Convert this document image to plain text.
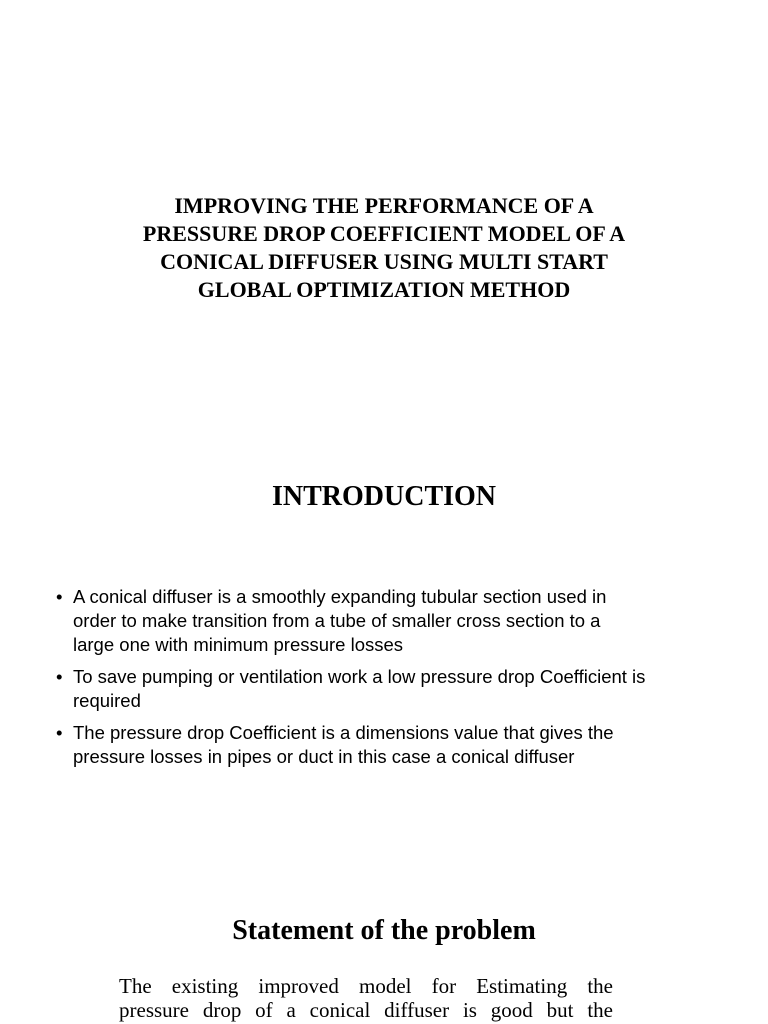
IMPROVING THE PERFORMANCE OF A
PRESSURE DROP COEFFICIENT MODEL OF A
CONICAL DIFFUSER USING MULTI START
GLOBAL OPTIMIZATION METHOD
INTRODUCTION
• A conical diffuser is a smoothly expanding tubular section used in
order to make transition from a tube of smaller cross section to a
large one with minimum pressure losses
• To save pumping or ventilation work a low pressure drop Coefficient is
required
• The pressure drop Coefficient is a dimensions value that gives the
pressure losses in pipes or duct in this case a conical diffuser
Statement of the problem

The existing improved model for Estimating the
pressure drop of a conical diffuser is good but the
